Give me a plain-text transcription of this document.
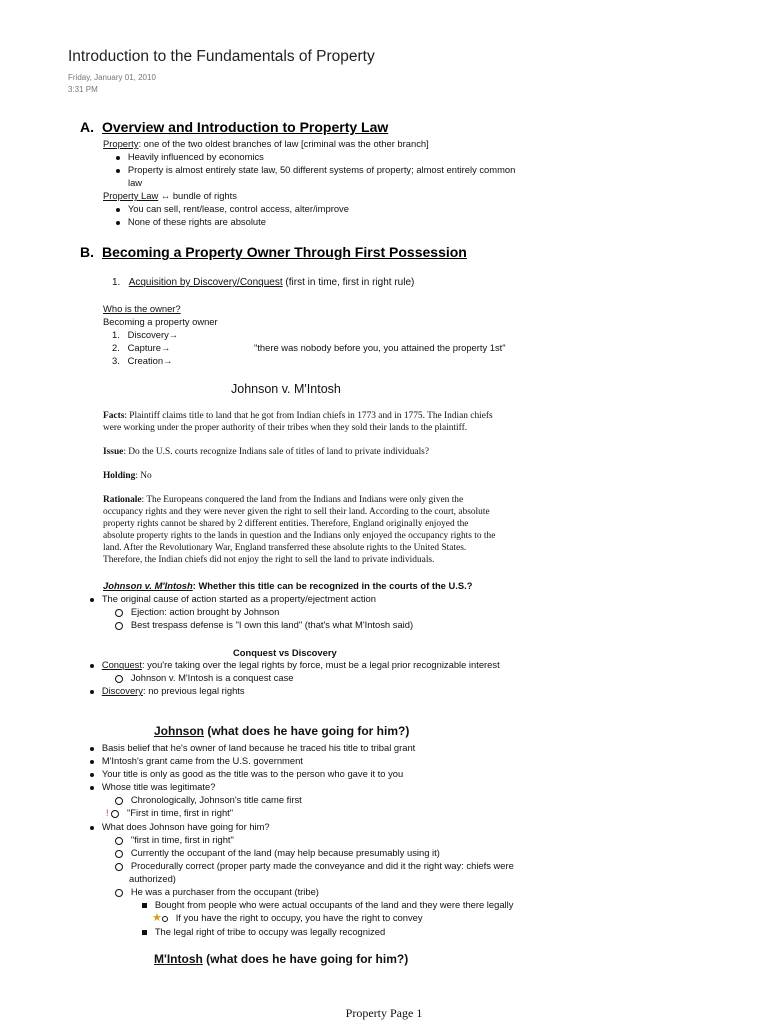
Introduction to the Fundamentals of Property
Friday, January 01, 2010
3:31 PM
A. Overview and Introduction to Property Law
Property: one of the two oldest branches of law [criminal was the other branch]
Heavily influenced by economics
Property is almost entirely state law, 50 different systems of property; almost entirely common
law
Property Law ↔ bundle of rights
You can sell, rent/lease, control access, alter/improve
None of these rights are absolute
B. Becoming a Property Owner Through First Possession
1. Acquisition by Discovery/Conquest (first in time, first in right rule)
Who is the owner?
Becoming a property owner
1. Discovery→
2. Capture→
3. Creation→
"there was nobody before you, you attained the property 1st"
Johnson v. M'Intosh
Facts: Plaintiff claims title to land that he got from Indian chiefs in 1773 and in 1775. The Indian chiefs
were working under the proper authority of their tribes when they sold their lands to the plaintiff.
Issue: Do the U.S. courts recognize Indians sale of titles of land to private individuals?
Holding: No
Rationale: The Europeans conquered the land from the Indians and Indians were only given the
occupancy rights and they were never given the right to sell their land. According to the court, absolute
property rights cannot be shared by 2 different entities. Therefore, England originally enjoyed the
absolute property rights to the lands in question and the Indians only enjoyed the occupancy rights to the
land. After the Revolutionary War, England transferred these absolute rights to the United States.
Therefore, the Indian chiefs did not enjoy the right to sell the land to private individuals.
Johnson v. M'Intosh: Whether this title can be recognized in the courts of the U.S.?
The original cause of action started as a property/ejectment action
Ejection: action brought by Johnson
Best trespass defense is "I own this land" (that's what M'Intosh said)
Conquest vs Discovery
Conquest: you're taking over the legal rights by force, must be a legal prior recognizable interest
Johnson v. M'Intosh is a conquest case
Discovery: no previous legal rights
Johnson (what does he have going for him?)
Basis belief that he's owner of land because he traced his title to tribal grant
M'Intosh's grant came from the U.S. government
Your title is only as good as the title was to the person who gave it to you
Whose title was legitimate?
Chronologically, Johnson's title came first
! "First in time, first in right"
What does Johnson have going for him?
"first in time, first in right"
Currently the occupant of the land (may help because presumably using it)
Procedurally correct (proper party made the conveyance and did it the right way: chiefs were
authorized)
He was a purchaser from the occupant (tribe)
Bought from people who were actual occupants of the land and they were there legally
★ If you have the right to occupy, you have the right to convey
The legal right of tribe to occupy was legally recognized
M'Intosh (what does he have going for him?)
Property Page 1
